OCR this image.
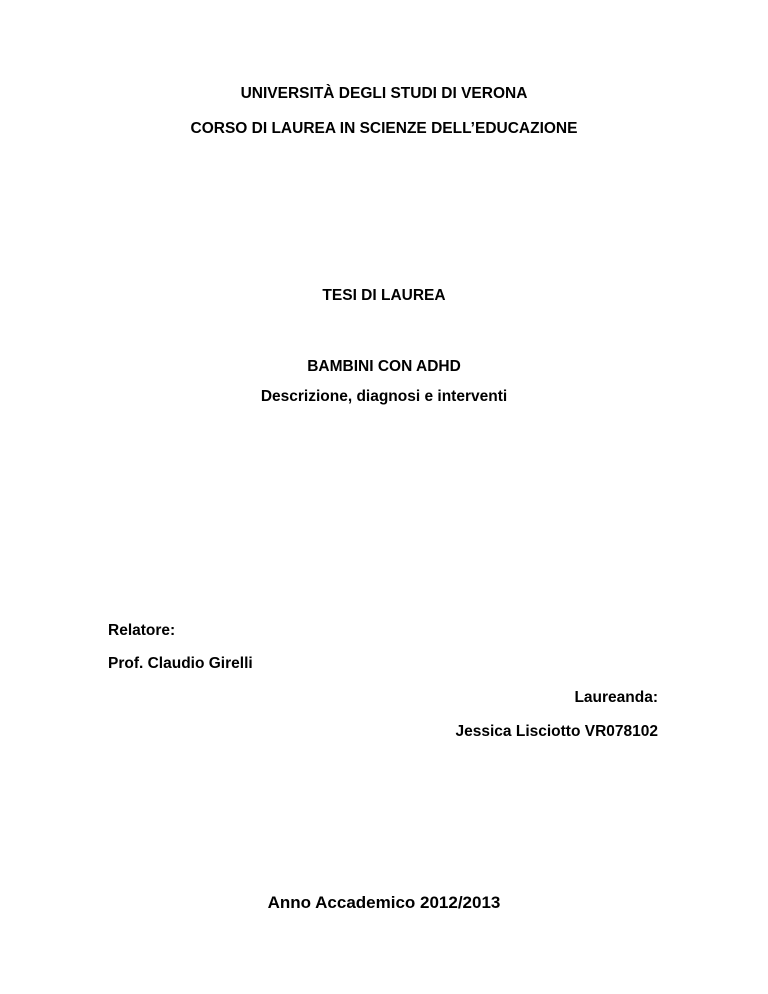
UNIVERSITÀ DEGLI STUDI DI VERONA
CORSO DI LAUREA IN SCIENZE DELL’EDUCAZIONE
TESI DI LAUREA
BAMBINI CON ADHD
Descrizione, diagnosi e interventi
Relatore:
Prof. Claudio Girelli
Laureanda:
Jessica Lisciotto VR078102
Anno Accademico 2012/2013
